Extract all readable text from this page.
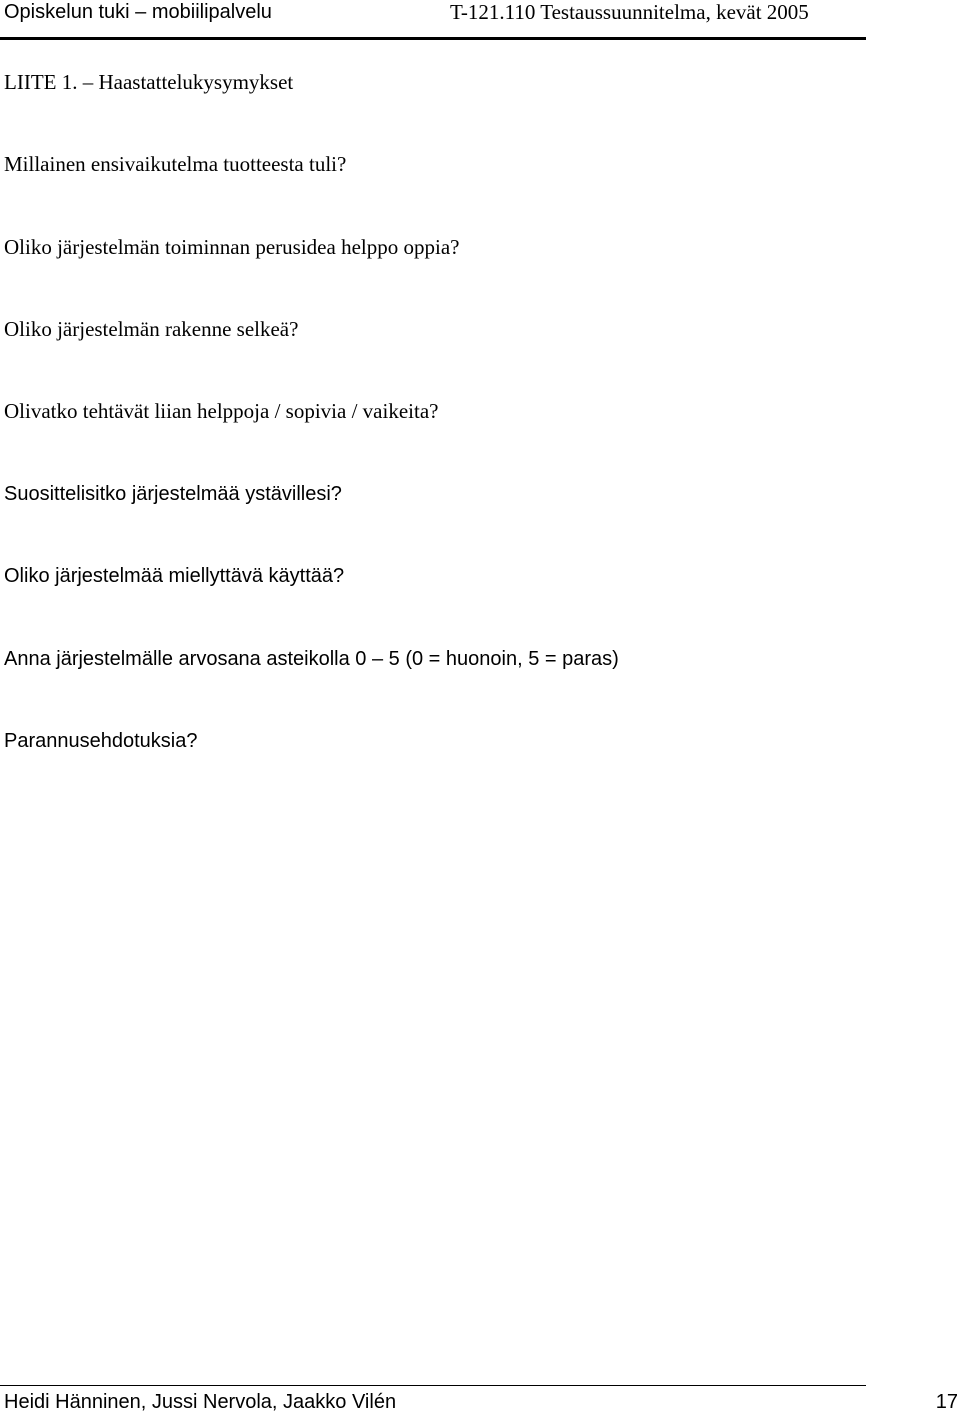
Opiskelun tuki – mobiilipalvelu	T-121.110 Testaussuunnitelma, kevät 2005
LIITE 1. – Haastattelukysymykset
Millainen ensivaikutelma tuotteesta tuli?
Oliko järjestelmän toiminnan perusidea helppo oppia?
Oliko järjestelmän rakenne selkeä?
Olivatko tehtävät liian helppoja / sopivia / vaikeita?
Suosittelisitko järjestelmää ystävillesi?
Oliko järjestelmää miellyttävä käyttää?
Anna järjestelmälle arvosana asteikolla 0 – 5 (0 = huonoin, 5 = paras)
Parannusehdotuksia?
Heidi Hänninen, Jussi Nervola, Jaakko Vilén	17
